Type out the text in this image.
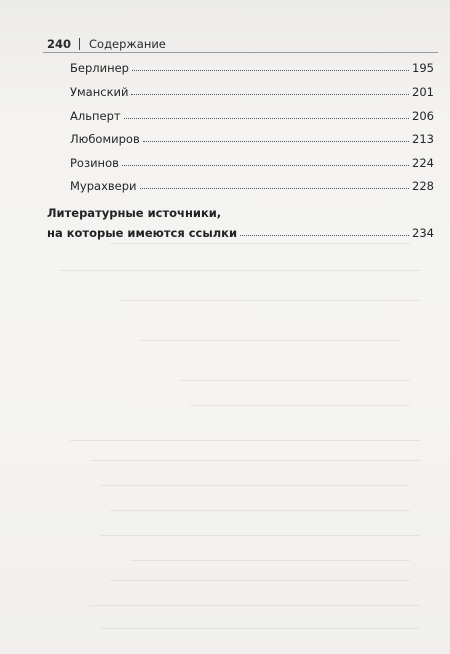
240 Содержание
Берлинер	195
Уманский	201
Альперт	206
Любомиров	213
Розинов	224
Мурахвери	228
Литературные источники,
на которые имеются ссылки	234
